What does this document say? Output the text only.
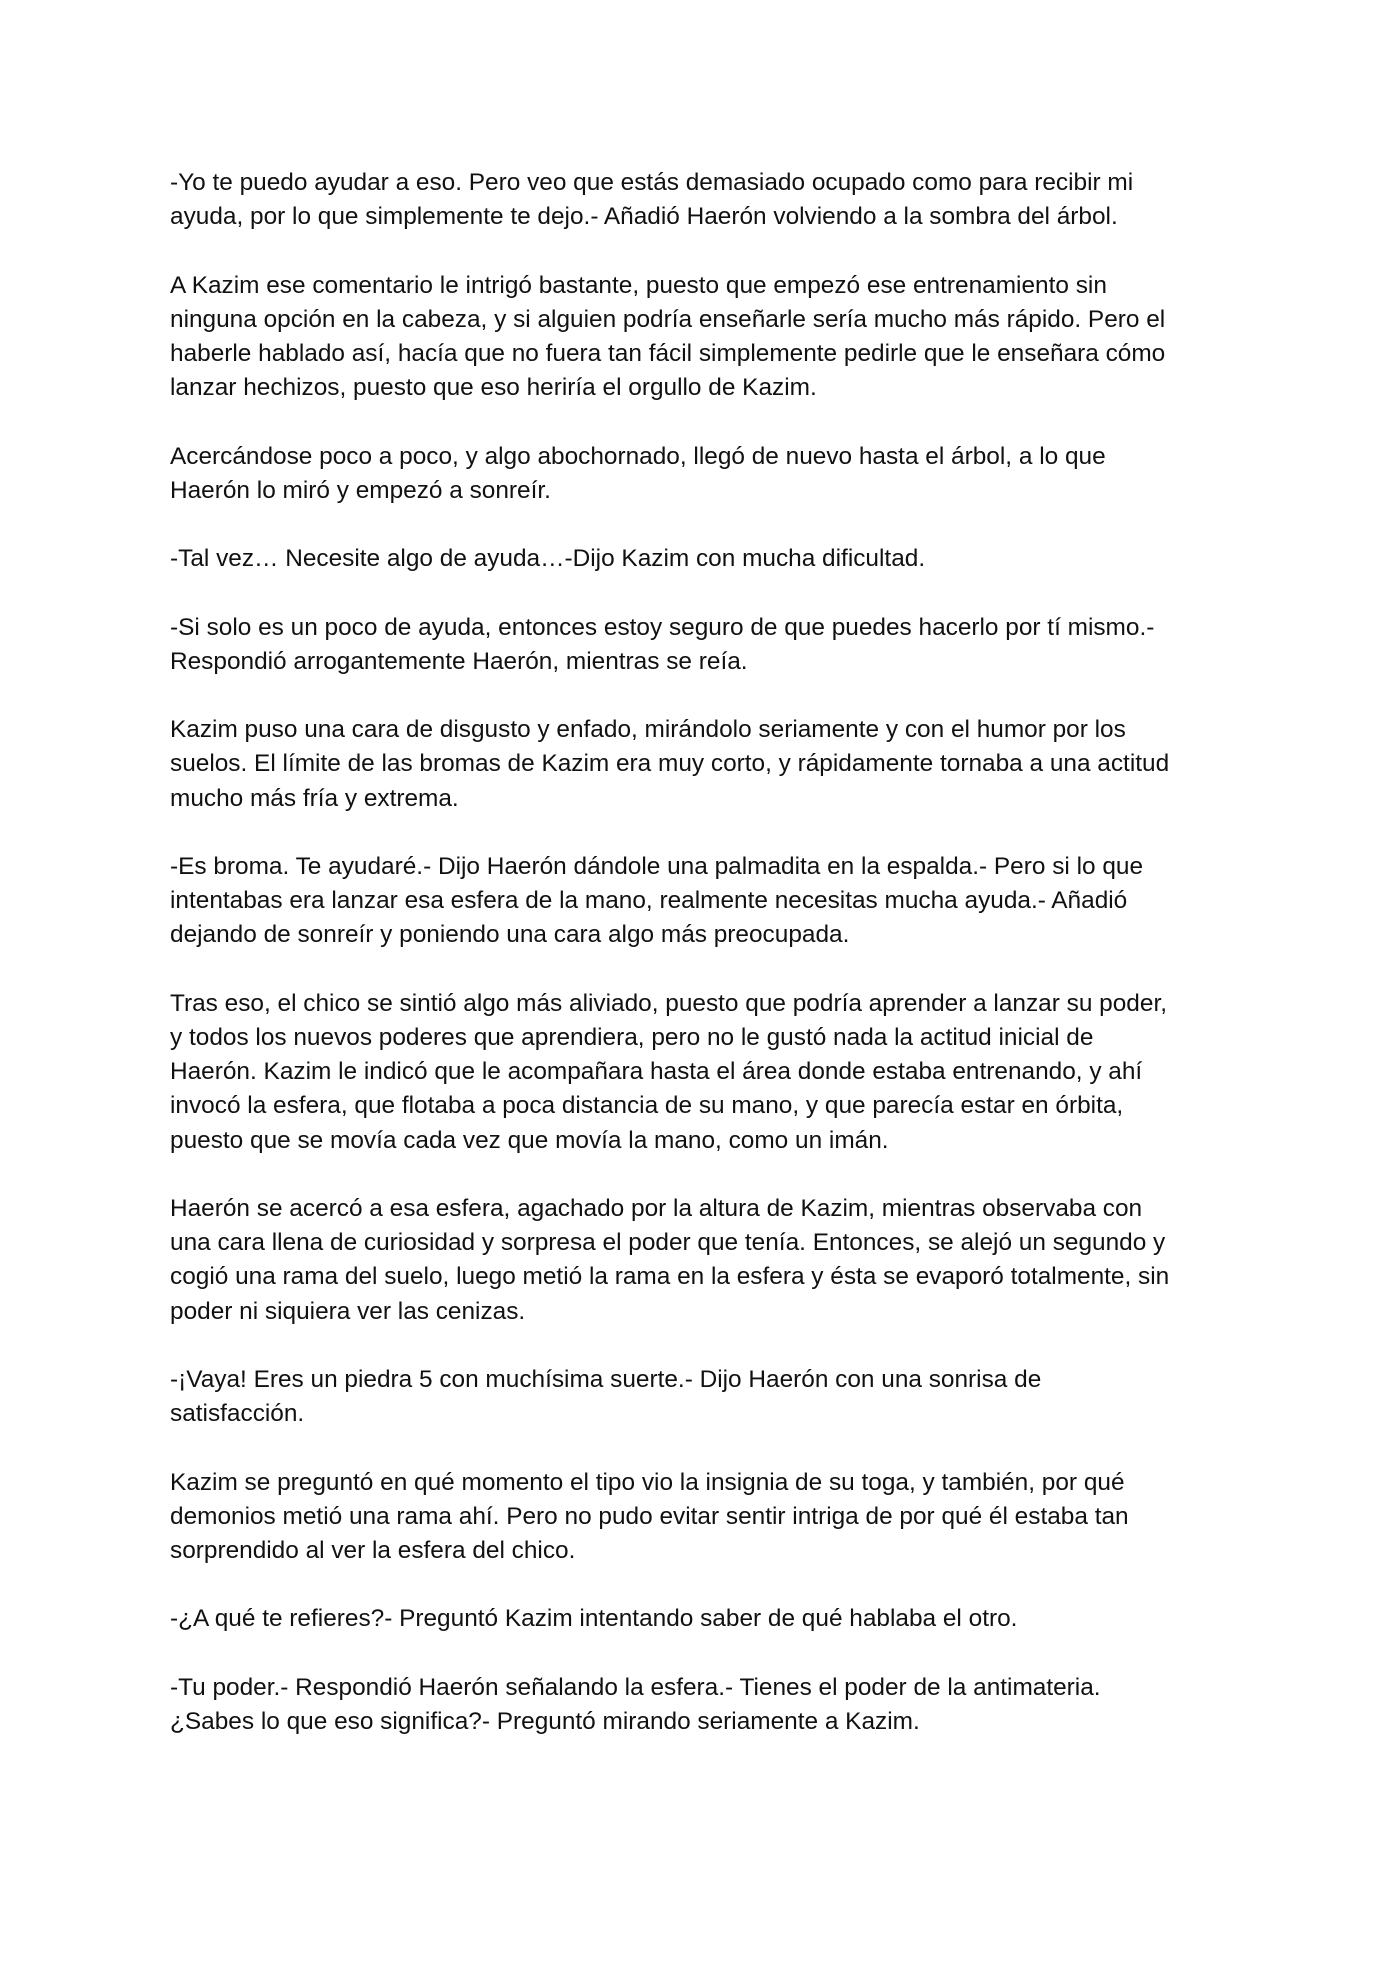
-Yo te puedo ayudar a eso. Pero veo que estás demasiado ocupado como para recibir mi
ayuda, por lo que simplemente te dejo.- Añadió Haerón volviendo a la sombra del árbol.

A Kazim ese comentario le intrigó bastante, puesto que empezó ese entrenamiento sin
ninguna opción en la cabeza, y si alguien podría enseñarle sería mucho más rápido. Pero el
haberle hablado así, hacía que no fuera tan fácil simplemente pedirle que le enseñara cómo
lanzar hechizos, puesto que eso heriría el orgullo de Kazim.

Acercándose poco a poco, y algo abochornado, llegó de nuevo hasta el árbol, a lo que
Haerón lo miró y empezó a sonreír.

-Tal vez… Necesite algo de ayuda…-Dijo Kazim con mucha dificultad.

-Si solo es un poco de ayuda, entonces estoy seguro de que puedes hacerlo por tí mismo.-
Respondió arrogantemente Haerón, mientras se reía.

Kazim puso una cara de disgusto y enfado, mirándolo seriamente y con el humor por los
suelos. El límite de las bromas de Kazim era muy corto, y rápidamente tornaba a una actitud
mucho más fría y extrema.

-Es broma. Te ayudaré.- Dijo Haerón dándole una palmadita en la espalda.- Pero si lo que
intentabas era lanzar esa esfera de la mano, realmente necesitas mucha ayuda.- Añadió
dejando de sonreír y poniendo una cara algo más preocupada.

Tras eso, el chico se sintió algo más aliviado, puesto que podría aprender a lanzar su poder,
y todos los nuevos poderes que aprendiera, pero no le gustó nada la actitud inicial de
Haerón. Kazim le indicó que le acompañara hasta el área donde estaba entrenando, y ahí
invocó la esfera, que flotaba a poca distancia de su mano, y que parecía estar en órbita,
puesto que se movía cada vez que movía la mano, como un imán.

Haerón se acercó a esa esfera, agachado por la altura de Kazim, mientras observaba con
una cara llena de curiosidad y sorpresa el poder que tenía. Entonces, se alejó un segundo y
cogió una rama del suelo, luego metió la rama en la esfera y ésta se evaporó totalmente, sin
poder ni siquiera ver las cenizas.

-¡Vaya! Eres un piedra 5 con muchísima suerte.- Dijo Haerón con una sonrisa de
satisfacción.

Kazim se preguntó en qué momento el tipo vio la insignia de su toga, y también, por qué
demonios metió una rama ahí. Pero no pudo evitar sentir intriga de por qué él estaba tan
sorprendido al ver la esfera del chico.

-¿A qué te refieres?- Preguntó Kazim intentando saber de qué hablaba el otro.

-Tu poder.- Respondió Haerón señalando la esfera.- Tienes el poder de la antimateria.
¿Sabes lo que eso significa?- Preguntó mirando seriamente a Kazim.
